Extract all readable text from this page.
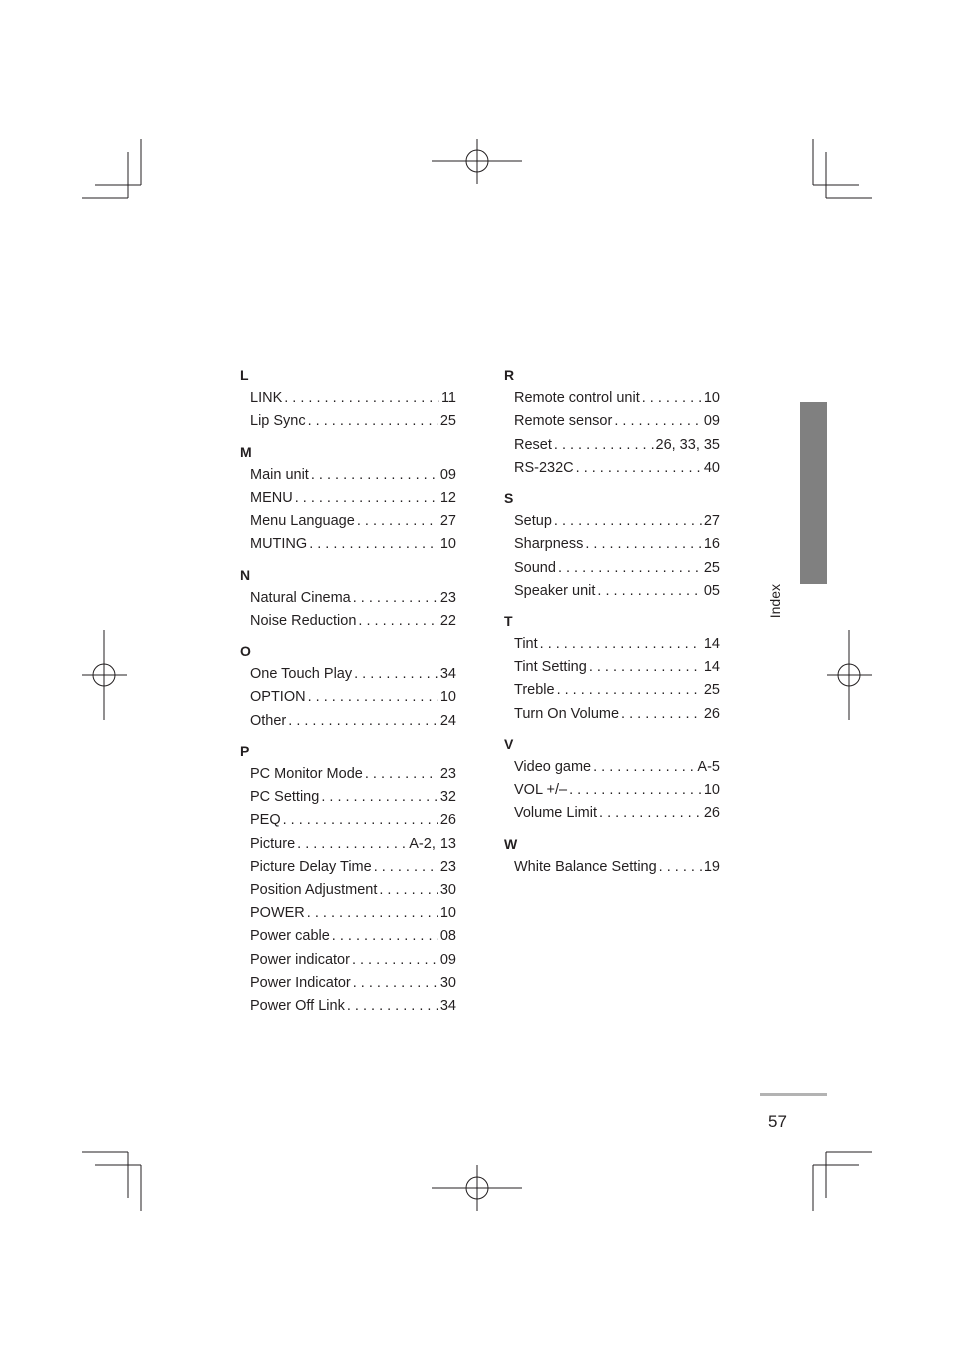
L
LINK . . .	11
Lip Sync . . .	25
M
Main unit . . .	09
MENU . . .	12
Menu Language . . .	27
MUTING . . .	10
N
Natural Cinema . . .	23
Noise Reduction . . .	22
O
One Touch Play . . .	34
OPTION . . .	10
Other . . .	24
P
PC Monitor Mode . . .	23
PC Setting . . .	32
PEQ . . .	26
Picture . . .	A-2, 13
Picture Delay Time . . .	23
Position Adjustment . . .	30
POWER . . .	10
Power cable . . .	08
Power indicator . . .	09
Power Indicator . . .	30
Power Off Link . . .	34
R
Remote control unit . . .	10
Remote sensor . . .	09
Reset . . .	26, 33, 35
RS-232C . . .	40
S
Setup . . .	27
Sharpness . . .	16
Sound . . .	25
Speaker unit . . .	05
T
Tint . . .	14
Tint Setting . . .	14
Treble . . .	25
Turn On Volume . . .	26
V
Video game . . .	A-5
VOL +/– . . .	10
Volume Limit . . .	26
W
White Balance Setting . . .	19
Index
57
